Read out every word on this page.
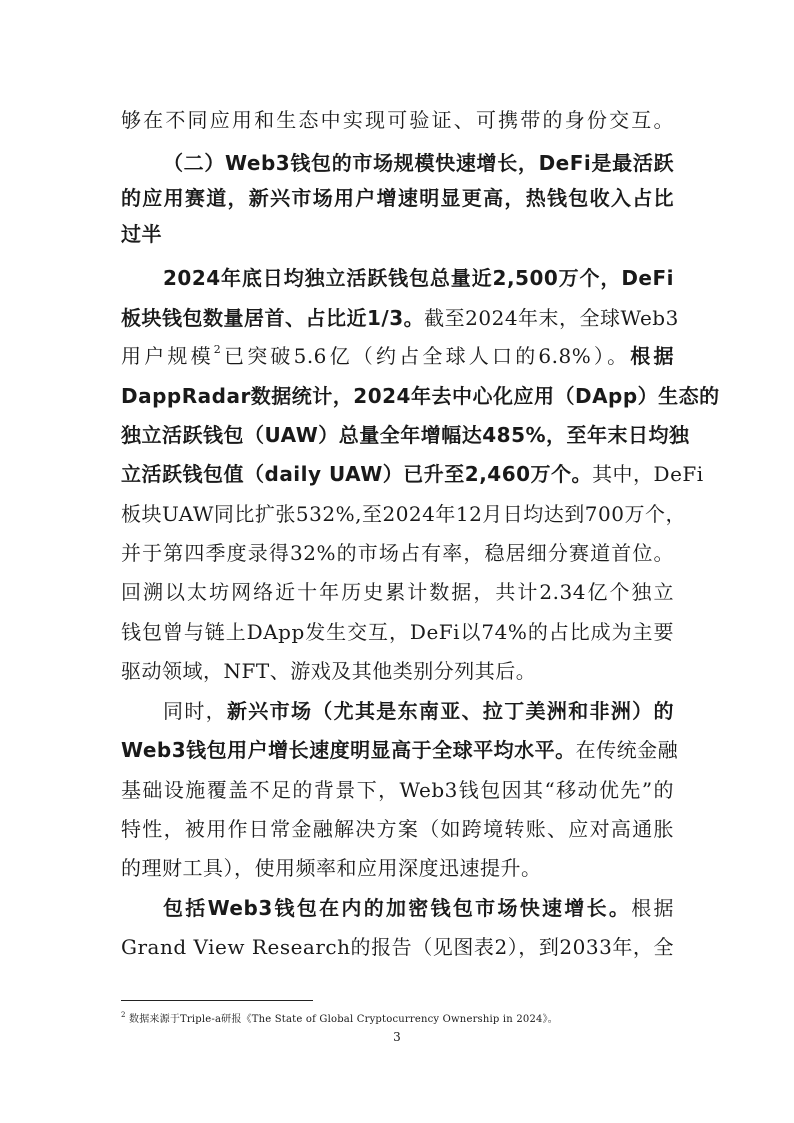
够在不同应用和生态中实现可验证、可携带的身份交互。
（二）Web3钱包的市场规模快速增长，DeFi是最活跃
的应用赛道，新兴市场用户增速明显更高，热钱包收入占比
过半
2024年底日均独立活跃钱包总量近2,500万个，DeFi
板块钱包数量居首、占比近1/3。截至2024年末，全球Web3
用户规模$^2$已突破5.6亿（约占全球人口的6.8%）。根据
DappRadar数据统计，2024年去中心化应用（DApp）生态的
独立活跃钱包（UAW）总量全年增幅达485%，至年末日均独
立活跃钱包值（daily UAW）已升至2,460万个。其中，DeFi
板块UAW同比扩张532%,至2024年12月日均达到700万个，
并于第四季度录得32%的市场占有率，稳居细分赛道首位。
回溯以太坊网络近十年历史累计数据，共计2.34亿个独立
钱包曾与链上DApp发生交互，DeFi以74%的占比成为主要
驱动领域，NFT、游戏及其他类别分列其后。
同时，新兴市场（尤其是东南亚、拉丁美洲和非洲）的
Web3钱包用户增长速度明显高于全球平均水平。在传统金融
基础设施覆盖不足的背景下，Web3钱包因其“移动优先”的
特性，被用作日常金融解决方案（如跨境转账、应对高通胀
的理财工具），使用频率和应用深度迅速提升。
包括Web3钱包在内的加密钱包市场快速增长。根据
Grand View Research的报告（见图表2），到2033年，全
$^2$ 数据来源于Triple-a研报《The State of Global Cryptocurrency Ownership in 2024》。
3
